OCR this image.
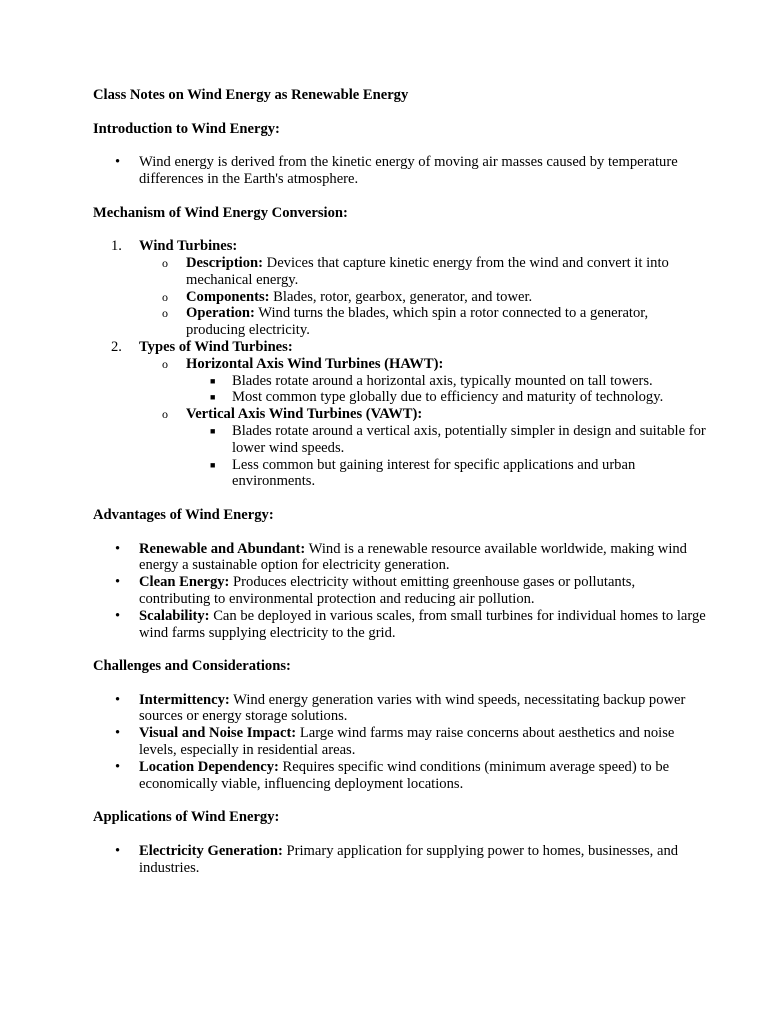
Class Notes on Wind Energy as Renewable Energy

Introduction to Wind Energy:

•	Wind energy is derived from the kinetic energy of moving air masses caused by temperature differences in the Earth's atmosphere.

Mechanism of Wind Energy Conversion:

1.	Wind Turbines:
o Description: Devices that capture kinetic energy from the wind and convert it into mechanical energy.
o Components: Blades, rotor, gearbox, generator, and tower.
o Operation: Wind turns the blades, which spin a rotor connected to a generator, producing electricity.
2.	Types of Wind Turbines:
o Horizontal Axis Wind Turbines (HAWT):
■ Blades rotate around a horizontal axis, typically mounted on tall towers.
■ Most common type globally due to efficiency and maturity of technology.
o Vertical Axis Wind Turbines (VAWT):
■ Blades rotate around a vertical axis, potentially simpler in design and suitable for lower wind speeds.
■ Less common but gaining interest for specific applications and urban environments.

Advantages of Wind Energy:

•	Renewable and Abundant: Wind is a renewable resource available worldwide, making wind energy a sustainable option for electricity generation.
•	Clean Energy: Produces electricity without emitting greenhouse gases or pollutants, contributing to environmental protection and reducing air pollution.
•	Scalability: Can be deployed in various scales, from small turbines for individual homes to large wind farms supplying electricity to the grid.

Challenges and Considerations:

•	Intermittency: Wind energy generation varies with wind speeds, necessitating backup power sources or energy storage solutions.
•	Visual and Noise Impact: Large wind farms may raise concerns about aesthetics and noise levels, especially in residential areas.
•	Location Dependency: Requires specific wind conditions (minimum average speed) to be economically viable, influencing deployment locations.

Applications of Wind Energy:

•	Electricity Generation: Primary application for supplying power to homes, businesses, and industries.
